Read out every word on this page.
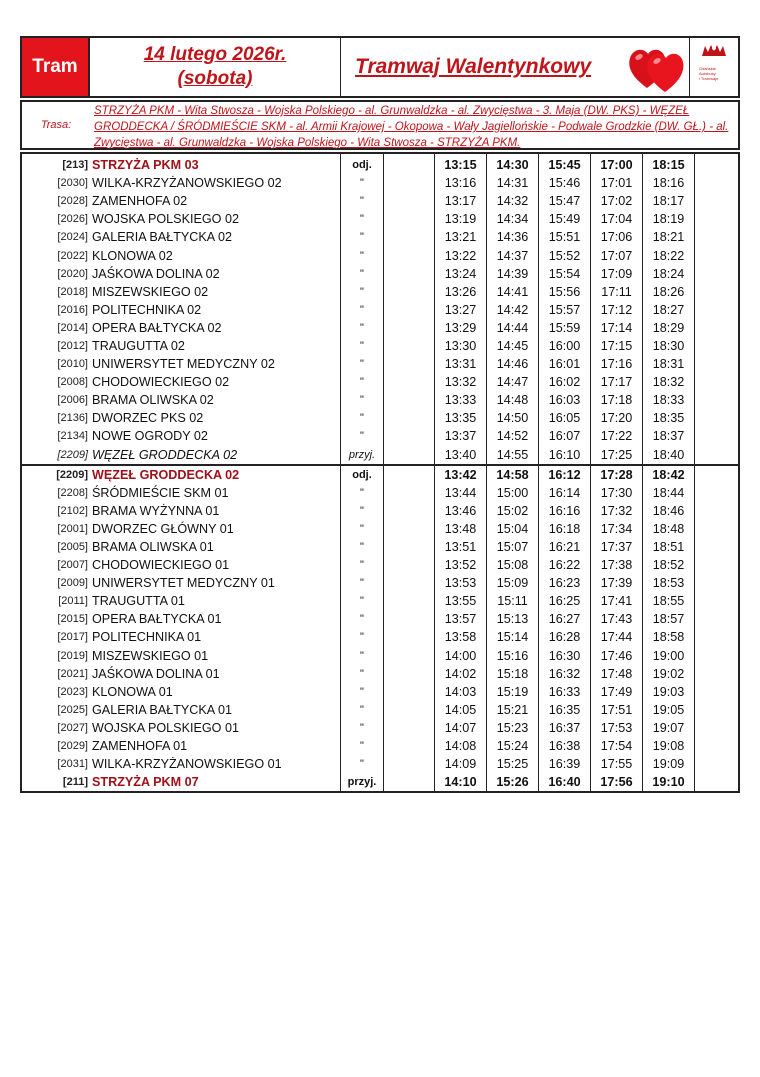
Tram
14 lutego 2026r.
(sobota)
Tramwaj Walentynkowy	Gdańskie
Autobusy
i Tramwaje
Trasa:
STRZYŻA PKM - Wita Stwosza - Wojska Polskiego - al. Grunwaldzka - al. Zwycięstwa - 3. Maja (DW. PKS) - WĘZEŁ GRODDECKA / ŚRÓDMIEŚCIE SKM - al. Armii Krajowej - Okopowa - Wały Jagiellońskie - Podwale Grodzkie (DW. GŁ.) - al. Zwycięstwa - al. Grunwaldzka - Wojska Polskiego - Wita Stwosza - STRZYŻA PKM.
[213]	STRZYŻA PKM 03	odj.		13:15	14:30	15:45	17:00	18:15	
[2030]	WILKA-KRZYŻANOWSKIEGO 02	"		13:16	14:31	15:46	17:01	18:16	
[2028]	ZAMENHOFA 02	"		13:17	14:32	15:47	17:02	18:17	
[2026]	WOJSKA POLSKIEGO 02	"		13:19	14:34	15:49	17:04	18:19	
[2024]	GALERIA BAŁTYCKA 02	"		13:21	14:36	15:51	17:06	18:21	
[2022]	KLONOWA 02	"		13:22	14:37	15:52	17:07	18:22	
[2020]	JAŚKOWA DOLINA 02	"		13:24	14:39	15:54	17:09	18:24	
[2018]	MISZEWSKIEGO 02	"		13:26	14:41	15:56	17:11	18:26	
[2016]	POLITECHNIKA 02	"		13:27	14:42	15:57	17:12	18:27	
[2014]	OPERA BAŁTYCKA 02	"		13:29	14:44	15:59	17:14	18:29	
[2012]	TRAUGUTTA 02	"		13:30	14:45	16:00	17:15	18:30	
[2010]	UNIWERSYTET MEDYCZNY 02	"		13:31	14:46	16:01	17:16	18:31	
[2008]	CHODOWIECKIEGO 02	"		13:32	14:47	16:02	17:17	18:32	
[2006]	BRAMA OLIWSKA 02	"		13:33	14:48	16:03	17:18	18:33	
[2136]	DWORZEC PKS 02	"		13:35	14:50	16:05	17:20	18:35	
[2134]	NOWE OGRODY 02	"		13:37	14:52	16:07	17:22	18:37	
[2209]	WĘZEŁ GRODDECKA 02	przyj.		13:40	14:55	16:10	17:25	18:40	
[2209]	WĘZEŁ GRODDECKA 02	odj.		13:42	14:58	16:12	17:28	18:42	
[2208]	ŚRÓDMIEŚCIE SKM 01	"		13:44	15:00	16:14	17:30	18:44	
[2102]	BRAMA WYŻYNNA 01	"		13:46	15:02	16:16	17:32	18:46	
[2001]	DWORZEC GŁÓWNY 01	"		13:48	15:04	16:18	17:34	18:48	
[2005]	BRAMA OLIWSKA 01	"		13:51	15:07	16:21	17:37	18:51	
[2007]	CHODOWIECKIEGO 01	"		13:52	15:08	16:22	17:38	18:52	
[2009]	UNIWERSYTET MEDYCZNY 01	"		13:53	15:09	16:23	17:39	18:53	
[2011]	TRAUGUTTA 01	"		13:55	15:11	16:25	17:41	18:55	
[2015]	OPERA BAŁTYCKA 01	"		13:57	15:13	16:27	17:43	18:57	
[2017]	POLITECHNIKA 01	"		13:58	15:14	16:28	17:44	18:58	
[2019]	MISZEWSKIEGO 01	"		14:00	15:16	16:30	17:46	19:00	
[2021]	JAŚKOWA DOLINA 01	"		14:02	15:18	16:32	17:48	19:02	
[2023]	KLONOWA 01	"		14:03	15:19	16:33	17:49	19:03	
[2025]	GALERIA BAŁTYCKA 01	"		14:05	15:21	16:35	17:51	19:05	
[2027]	WOJSKA POLSKIEGO 01	"		14:07	15:23	16:37	17:53	19:07	
[2029]	ZAMENHOFA 01	"		14:08	15:24	16:38	17:54	19:08	
[2031]	WILKA-KRZYŻANOWSKIEGO 01	"		14:09	15:25	16:39	17:55	19:09	
[211]	STRZYŻA PKM 07	przyj.		14:10	15:26	16:40	17:56	19:10	
